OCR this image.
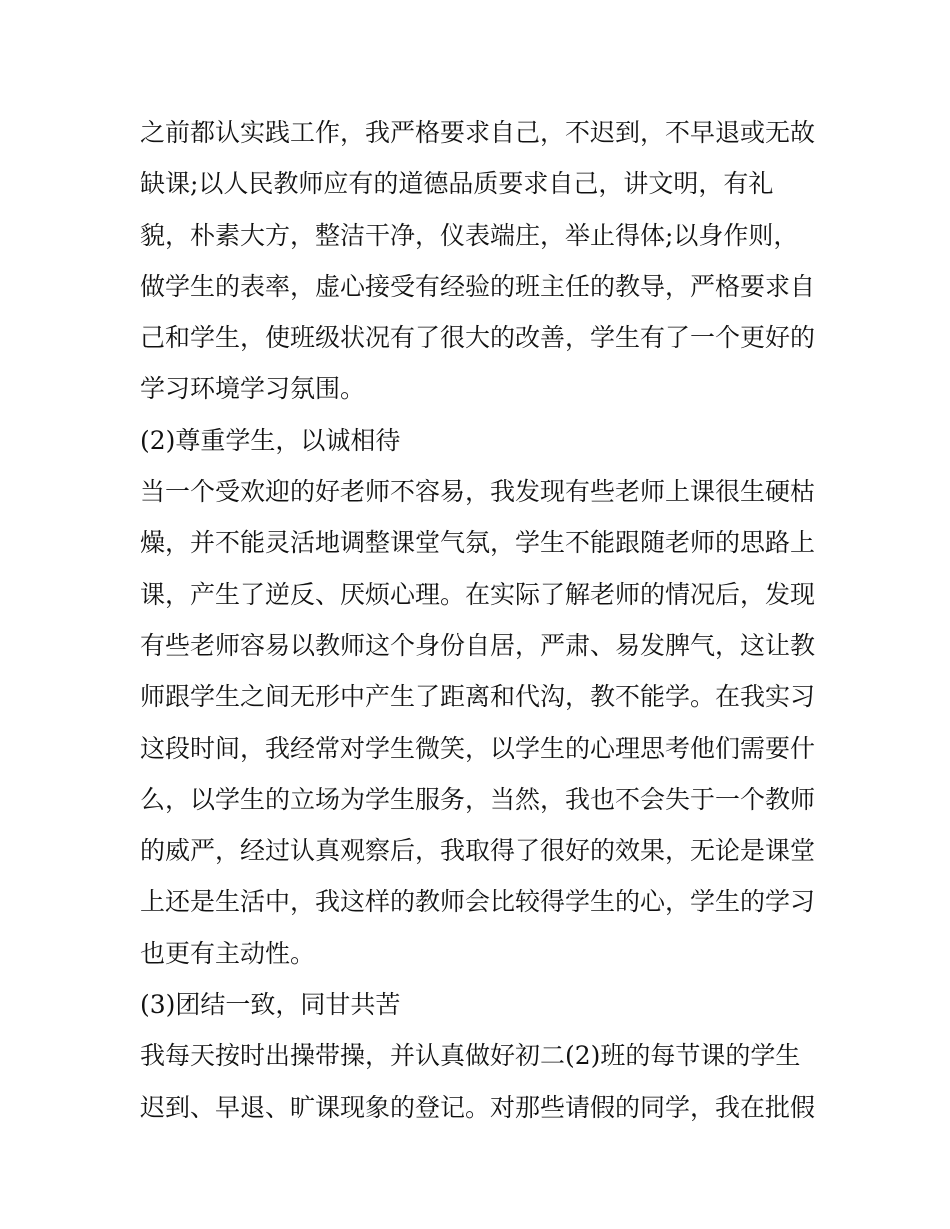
之前都认实践工作，我严格要求自己，不迟到，不早退或无故
缺课;以人民教师应有的道德品质要求自己，讲文明，有礼
貌，朴素大方，整洁干净，仪表端庄，举止得体;以身作则，
做学生的表率，虚心接受有经验的班主任的教导，严格要求自
己和学生，使班级状况有了很大的改善，学生有了一个更好的
学习环境学习氛围。
(2)尊重学生，以诚相待
当一个受欢迎的好老师不容易，我发现有些老师上课很生硬枯
燥，并不能灵活地调整课堂气氛，学生不能跟随老师的思路上
课，产生了逆反、厌烦心理。在实际了解老师的情况后，发现
有些老师容易以教师这个身份自居，严肃、易发脾气，这让教
师跟学生之间无形中产生了距离和代沟，教不能学。在我实习
这段时间，我经常对学生微笑，以学生的心理思考他们需要什
么，以学生的立场为学生服务，当然，我也不会失于一个教师
的威严，经过认真观察后，我取得了很好的效果，无论是课堂
上还是生活中，我这样的教师会比较得学生的心，学生的学习
也更有主动性。
(3)团结一致，同甘共苦
我每天按时出操带操，并认真做好初二(2)班的每节课的学生
迟到、早退、旷课现象的登记。对那些请假的同学，我在批假
